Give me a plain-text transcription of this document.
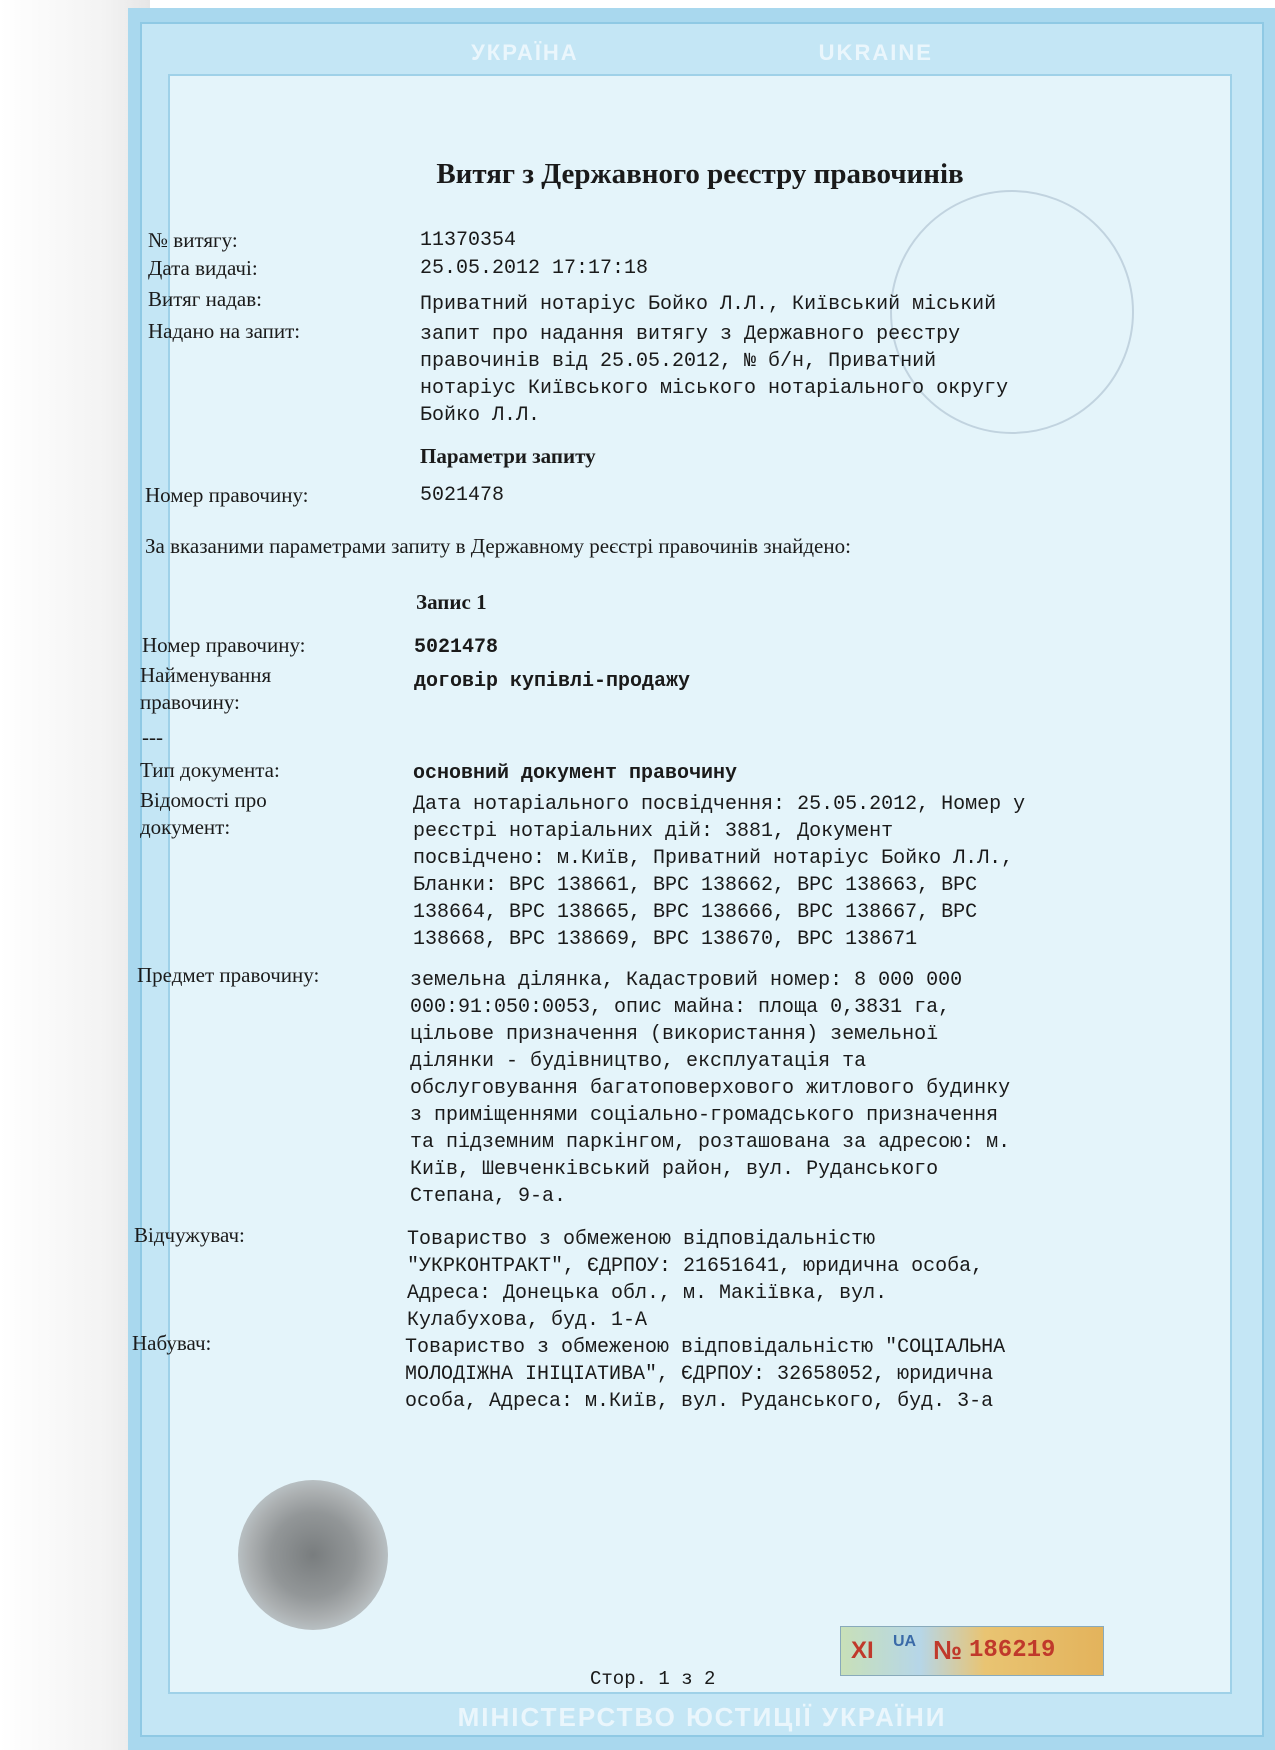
УКРАЇНА	UKRAINE
Витяг з Державного реєстру правочинів
№ витягу:	11370354
Дата видачі:	25.05.2012 17:17:18
Витяг надав:	Приватний нотаріус Бойко Л.Л., Київський міський
Надано на запит:	запит про надання витягу з Державного реєстру
правочинів від 25.05.2012, № б/н, Приватний
нотаріус Київського міського нотаріального округу
Бойко Л.Л.
Параметри запиту
Номер правочину:	5021478
За вказаними параметрами запиту в Державному реєстрі правочинів знайдено:
Запис 1
Номер правочину:	5021478
Найменування
правочину:
договір купівлі-продажу
---
Тип документа:	основний документ правочину
Відомості про
документ:
Дата нотаріального посвідчення: 25.05.2012, Номер у
реєстрі нотаріальних дій: 3881, Документ
посвідчено: м.Київ, Приватний нотаріус Бойко Л.Л.,
Бланки: ВРС 138661, ВРС 138662, ВРС 138663, ВРС
138664, ВРС 138665, ВРС 138666, ВРС 138667, ВРС
138668, ВРС 138669, ВРС 138670, ВРС 138671
Предмет правочину:	земельна ділянка, Кадастровий номер: 8 000 000
000:91:050:0053, опис майна: площа 0,3831 га,
цільове призначення (використання) земельної
ділянки - будівництво, експлуатація та
обслуговування багатоповерхового житлового будинку
з приміщеннями соціально-громадського призначення
та підземним паркінгом, розташована за адресою: м.
Київ, Шевченківський район, вул. Руданського
Степана, 9-а.
Відчужувач:	Товариство з обмеженою відповідальністю
"УКРКОНТРАКТ", ЄДРПОУ: 21651641, юридична особа,
Адреса: Донецька обл., м. Макіївка, вул.
Кулабухова, буд. 1-А
Набувач:	Товариство з обмеженою відповідальністю "СОЦІАЛЬНА
МОЛОДІЖНА ІНІЦІАТИВА", ЄДРПОУ: 32658052, юридична
особа, Адреса: м.Київ, вул. Руданського, буд. 3-а
XI UA № 186219
Стор. 1 з 2
МІНІСТЕРСТВО ЮСТИЦІЇ УКРАЇНИ
